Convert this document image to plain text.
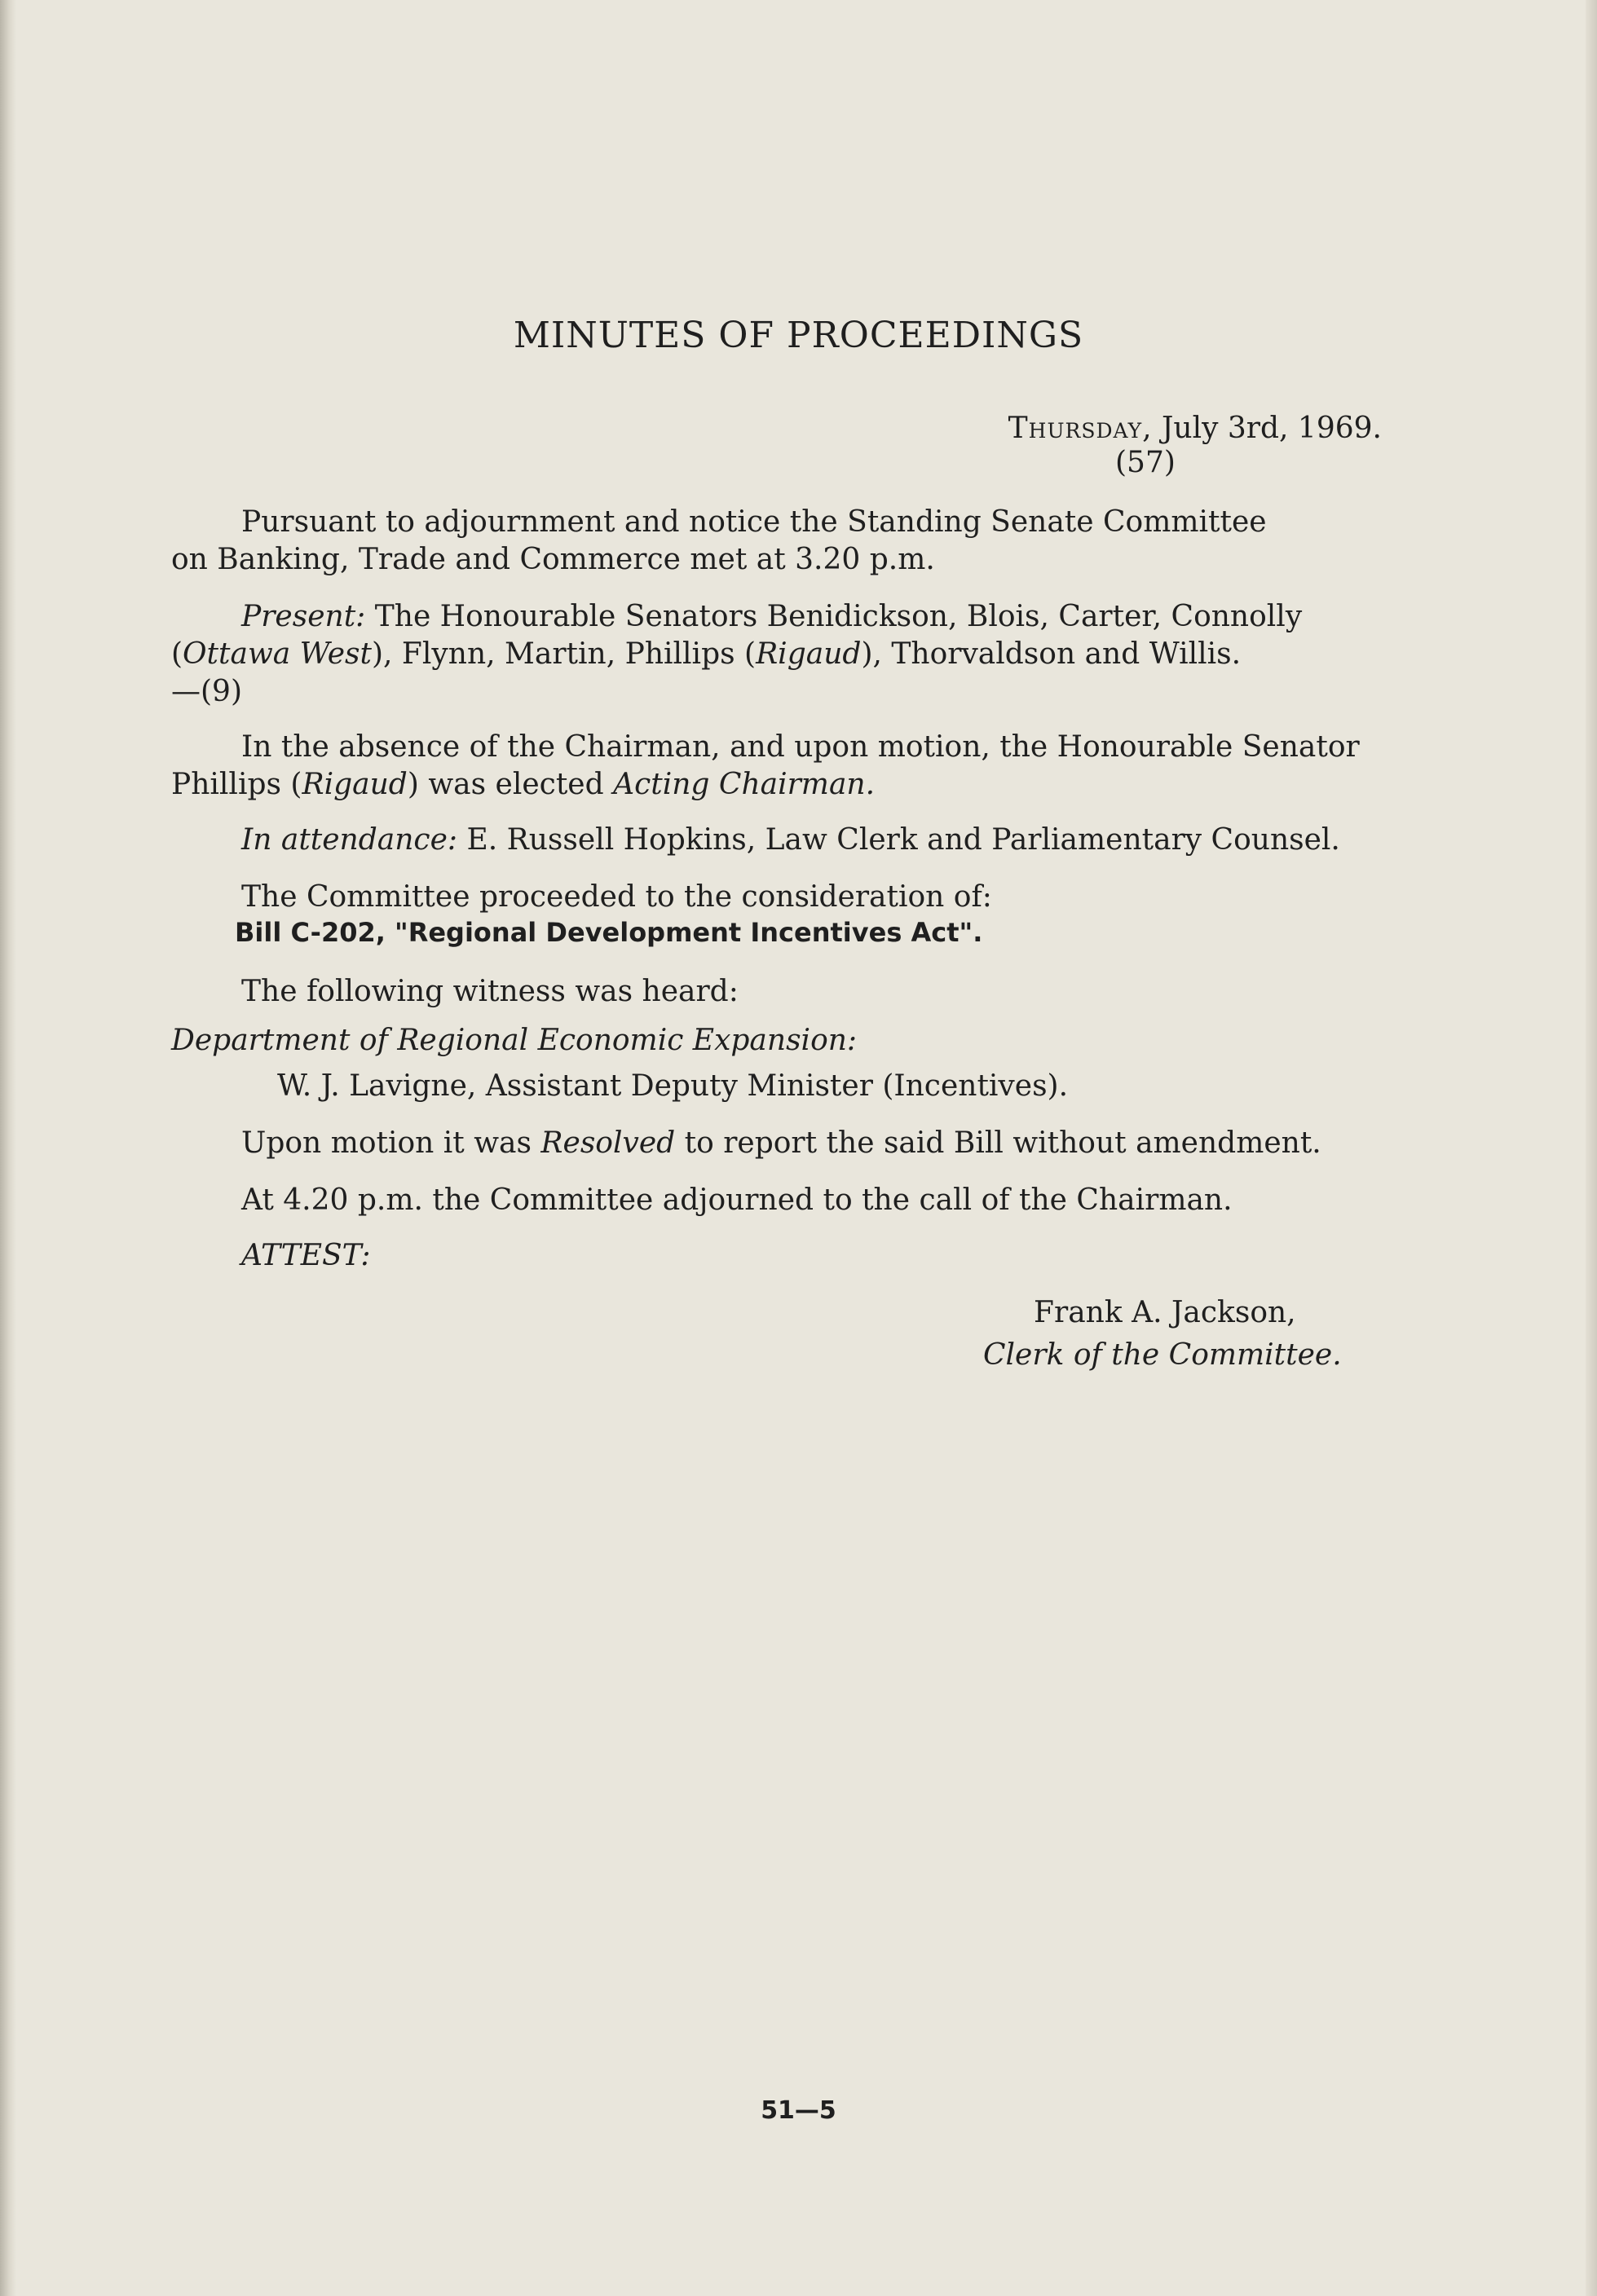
MINUTES OF PROCEEDINGS
Thursday, July 3rd, 1969.
(57)
Pursuant to adjournment and notice the Standing Senate Committee
on Banking, Trade and Commerce met at 3.20 p.m.
Present: The Honourable Senators Benidickson, Blois, Carter, Connolly
(Ottawa West), Flynn, Martin, Phillips (Rigaud), Thorvaldson and Willis.
—(9)
In the absence of the Chairman, and upon motion, the Honourable Senator
Phillips (Rigaud) was elected Acting Chairman.
In attendance: E. Russell Hopkins, Law Clerk and Parliamentary Counsel.
The Committee proceeded to the consideration of:
Bill C-202, "Regional Development Incentives Act".
The following witness was heard:
Department of Regional Economic Expansion:
W. J. Lavigne, Assistant Deputy Minister (Incentives).
Upon motion it was Resolved to report the said Bill without amendment.
At 4.20 p.m. the Committee adjourned to the call of the Chairman.
ATTEST:
Frank A. Jackson,
Clerk of the Committee.
51—5
